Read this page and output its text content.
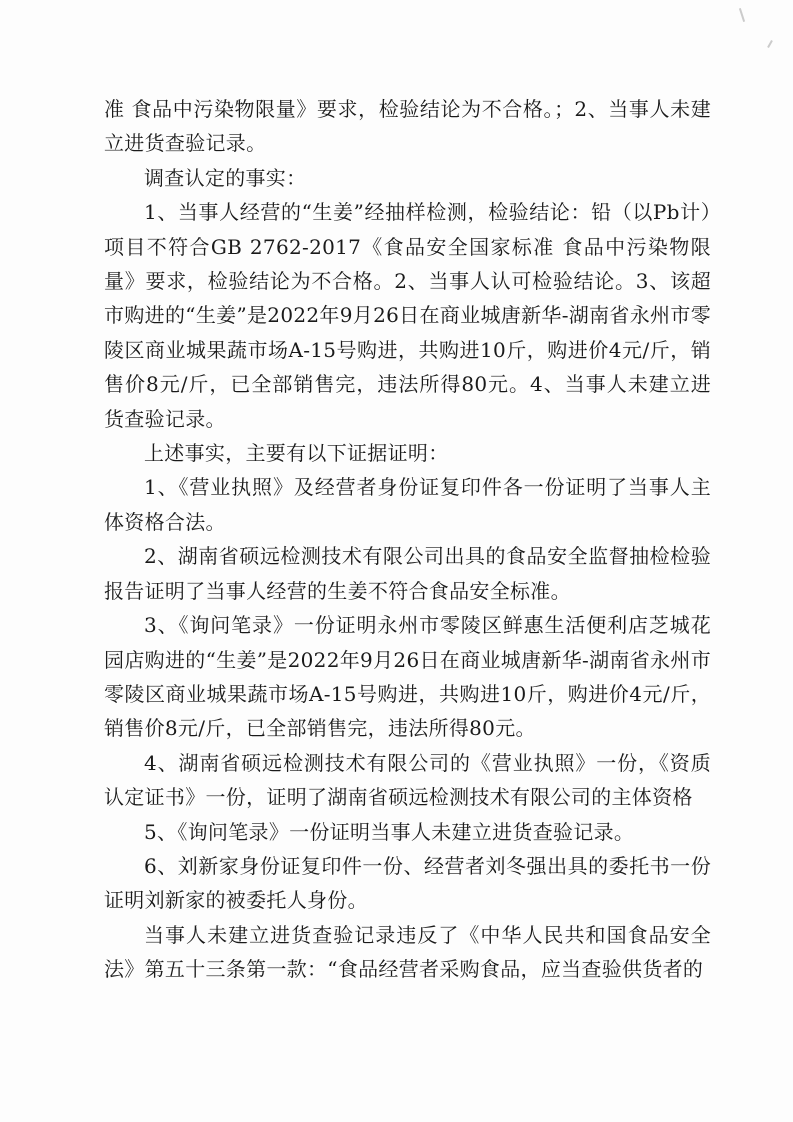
准 食品中污染物限量》要求，检验结论为不合格。；2、当事人未建立进货查验记录。

调查认定的事实：

1、当事人经营的“生姜”经抽样检测，检验结论：铅（以Pb计）项目不符合GB 2762-2017《食品安全国家标准 食品中污染物限量》要求，检验结论为不合格。2、当事人认可检验结论。3、该超市购进的“生姜”是2022年9月26日在商业城唐新华-湖南省永州市零陵区商业城果蔬市场A-15号购进，共购进10斤，购进价4元/斤，销售价8元/斤，已全部销售完，违法所得80元。4、当事人未建立进货查验记录。

上述事实，主要有以下证据证明：

1、《营业执照》及经营者身份证复印件各一份证明了当事人主体资格合法。

2、湖南省硕远检测技术有限公司出具的食品安全监督抽检检验报告证明了当事人经营的生姜不符合食品安全标准。

3、《询问笔录》一份证明永州市零陵区鲜惠生活便利店芝城花园店购进的“生姜”是2022年9月26日在商业城唐新华-湖南省永州市零陵区商业城果蔬市场A-15号购进，共购进10斤，购进价4元/斤，销售价8元/斤，已全部销售完，违法所得80元。

4、湖南省硕远检测技术有限公司的《营业执照》一份，《资质认定证书》一份，证明了湖南省硕远检测技术有限公司的主体资格

5、《询问笔录》一份证明当事人未建立进货查验记录。

6、刘新家身份证复印件一份、经营者刘冬强出具的委托书一份证明刘新家的被委托人身份。

当事人未建立进货查验记录违反了《中华人民共和国食品安全法》第五十三条第一款：“食品经营者采购食品，应当查验供货者的
